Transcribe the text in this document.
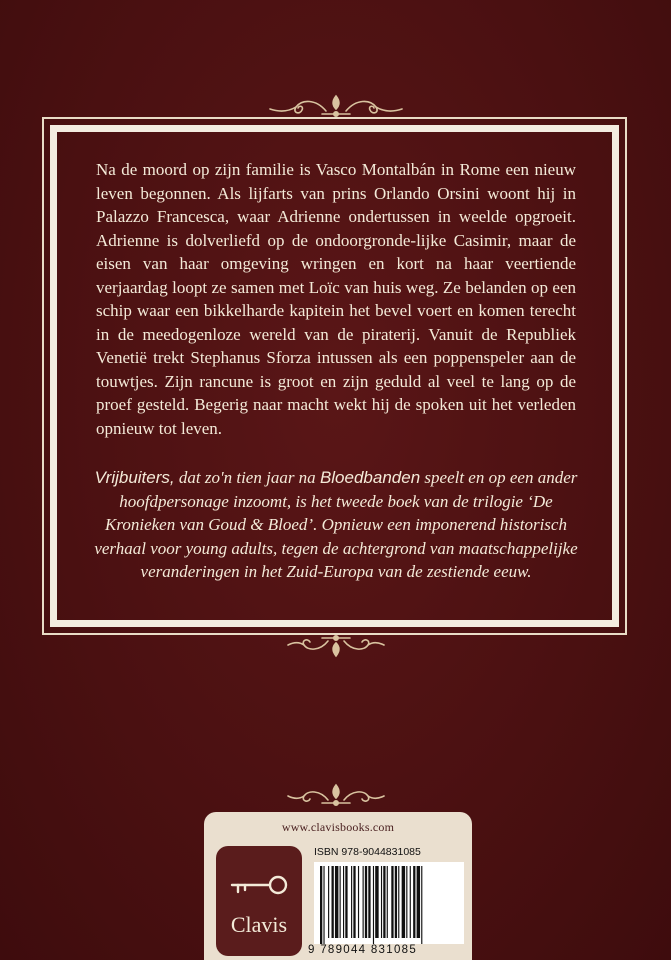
Na de moord op zijn familie is Vasco Montalbán in Rome een nieuw leven begonnen. Als lijfarts van prins Orlando Orsini woont hij in Palazzo Francesca, waar Adrienne ondertussen in weelde opgroeit. Adrienne is dolverliefd op de ondoorgronde-lijke Casimir, maar de eisen van haar omgeving wringen en kort na haar veertiende verjaardag loopt ze samen met Loïc van huis weg. Ze belanden op een schip waar een bikkelharde kapitein het bevel voert en komen terecht in de meedogenloze wereld van de piraterij. Vanuit de Republiek Venetië trekt Stephanus Sforza intussen als een poppenspeler aan de touwtjes. Zijn rancune is groot en zijn geduld al veel te lang op de proef gesteld. Begerig naar macht wekt hij de spoken uit het verleden opnieuw tot leven.

Vrijbuiters, dat zo'n tien jaar na Bloedbanden speelt en op een ander hoofdpersonage inzoomt, is het tweede boek van de trilogie ‘De Kronieken van Goud & Bloed’. Opnieuw een imponerend historisch verhaal voor young adults, tegen de achtergrond van maatschappelijke veranderingen in het Zuid-Europa van de zestiende eeuw.

www.clavisbooks.com
Clavis
ISBN 978-9044831085
9 789044 831085
